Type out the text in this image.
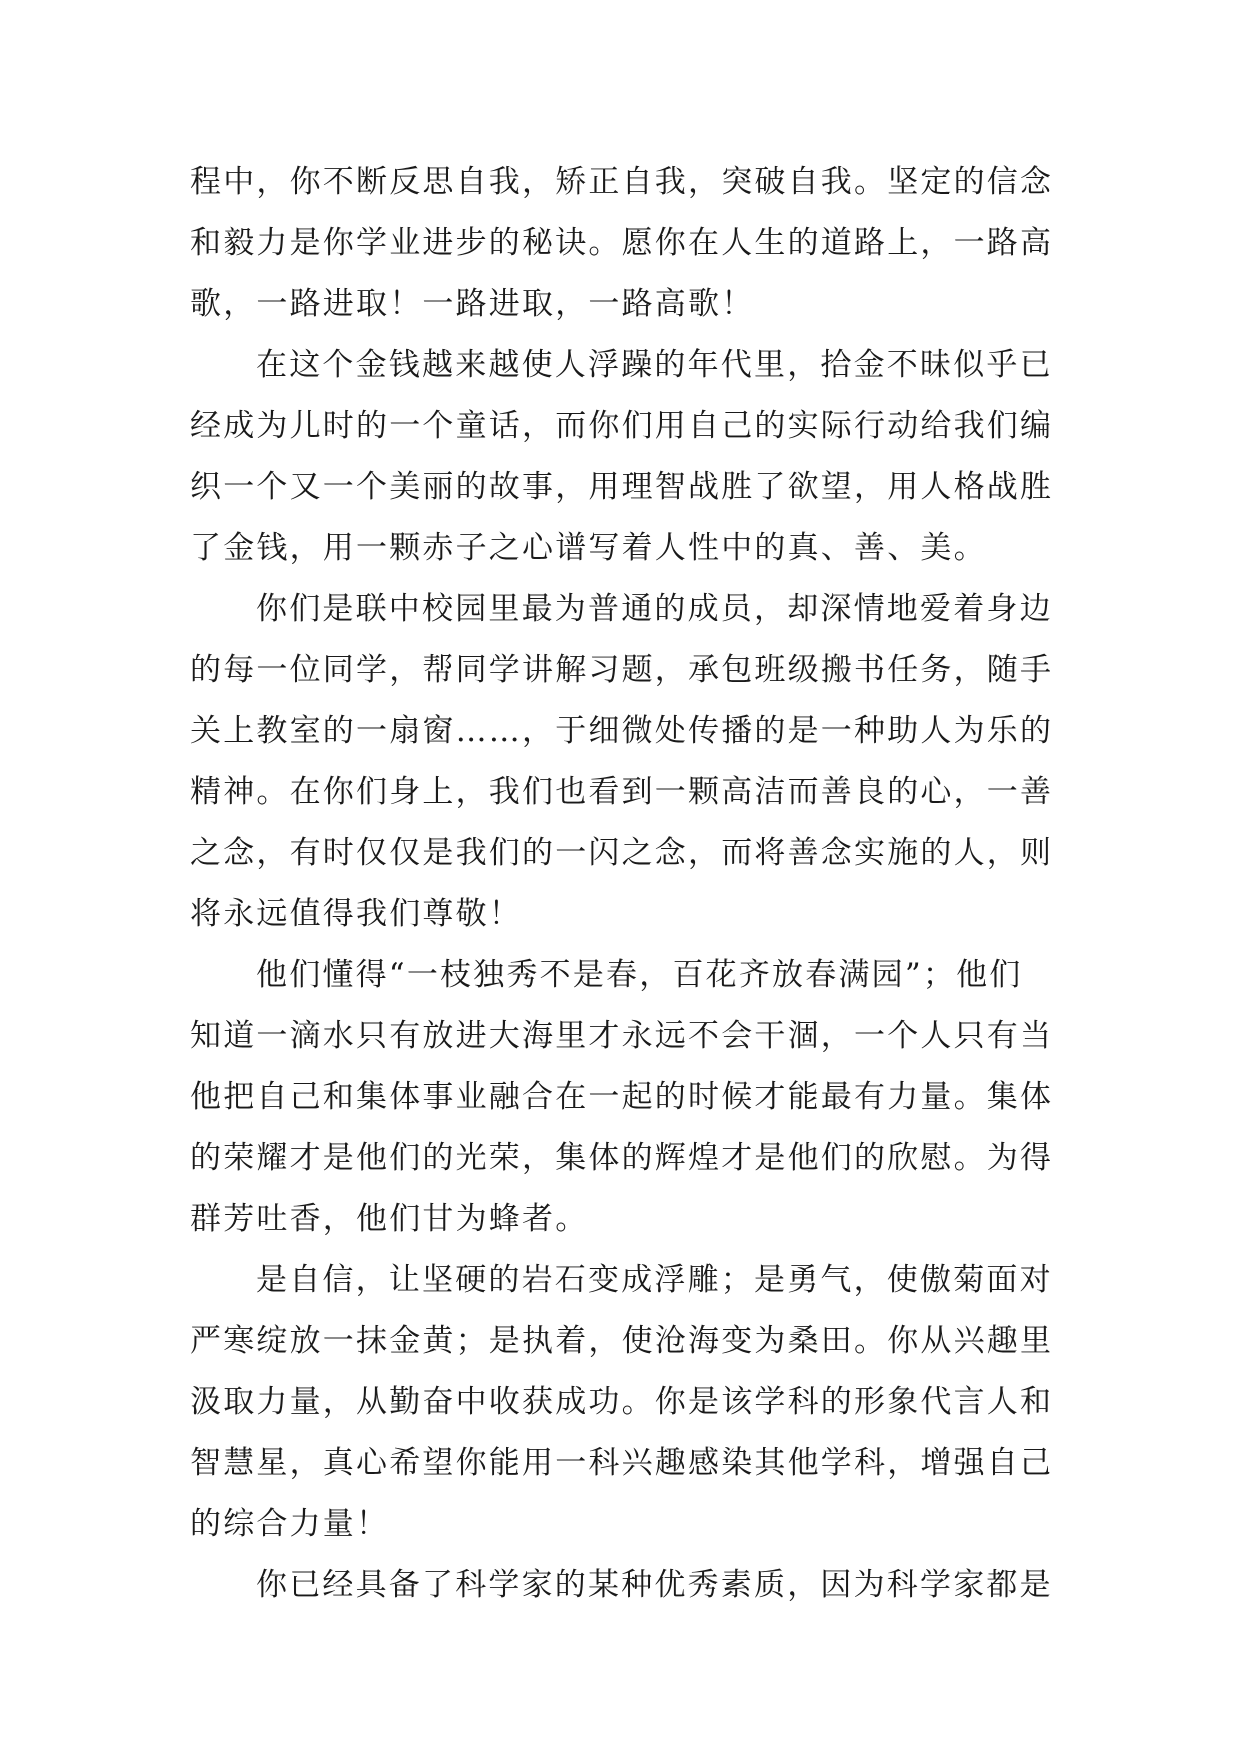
程中，你不断反思自我，矫正自我，突破自我。坚定的信念
和毅力是你学业进步的秘诀。愿你在人生的道路上，一路高
歌，一路进取！一路进取，一路高歌！
在这个金钱越来越使人浮躁的年代里，拾金不昧似乎已
经成为儿时的一个童话，而你们用自己的实际行动给我们编
织一个又一个美丽的故事，用理智战胜了欲望，用人格战胜
了金钱，用一颗赤子之心谱写着人性中的真、善、美。
你们是联中校园里最为普通的成员，却深情地爱着身边
的每一位同学，帮同学讲解习题，承包班级搬书任务，随手
关上教室的一扇窗……，于细微处传播的是一种助人为乐的
精神。在你们身上，我们也看到一颗高洁而善良的心，一善
之念，有时仅仅是我们的一闪之念，而将善念实施的人，则
将永远值得我们尊敬！
他们懂得“一枝独秀不是春，百花齐放春满园”；他们
知道一滴水只有放进大海里才永远不会干涸，一个人只有当
他把自己和集体事业融合在一起的时候才能最有力量。集体
的荣耀才是他们的光荣，集体的辉煌才是他们的欣慰。为得
群芳吐香，他们甘为蜂者。
是自信，让坚硬的岩石变成浮雕；是勇气，使傲菊面对
严寒绽放一抹金黄；是执着，使沧海变为桑田。你从兴趣里
汲取力量，从勤奋中收获成功。你是该学科的形象代言人和
智慧星，真心希望你能用一科兴趣感染其他学科，增强自己
的综合力量！
你已经具备了科学家的某种优秀素质，因为科学家都是
